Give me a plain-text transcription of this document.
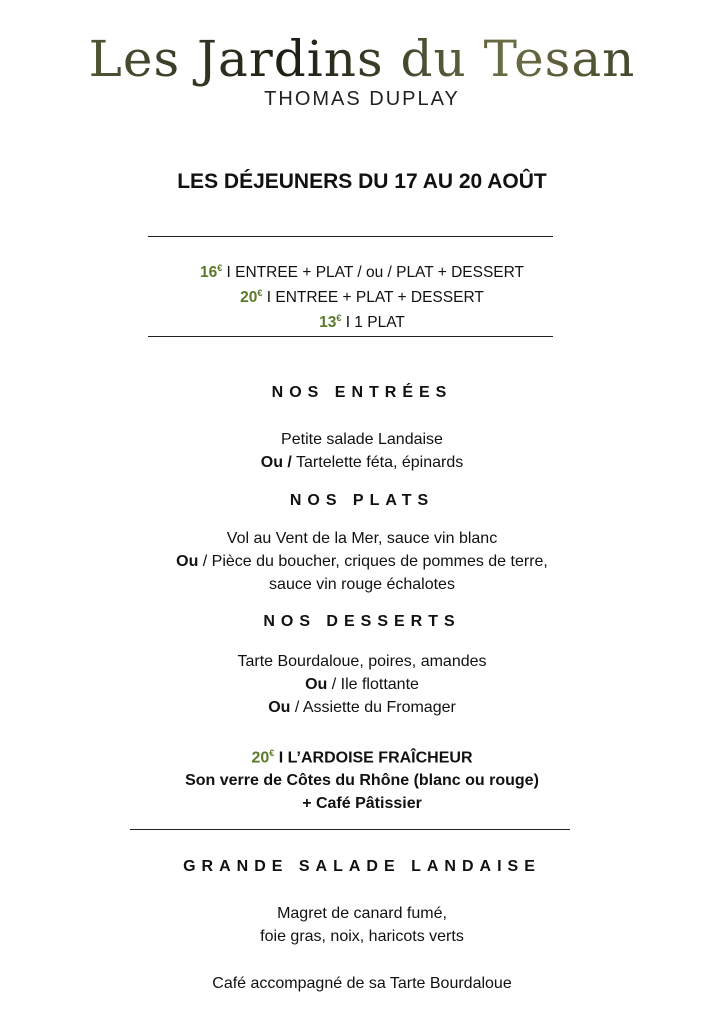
Les Jardins du Tesan
THOMAS DUPLAY
LES DÉJEUNERS DU 17 AU 20 AOÛT
16€ I ENTREE + PLAT / ou / PLAT + DESSERT
20€ I ENTREE + PLAT + DESSERT
13€ I 1 PLAT
NOS ENTRÉES
Petite salade Landaise
Ou / Tartelette féta, épinards
NOS PLATS
Vol au Vent de la Mer, sauce vin blanc
Ou / Pièce du boucher, criques de pommes de terre,
sauce vin rouge échalotes
NOS DESSERTS
Tarte Bourdaloue, poires, amandes
Ou / Ile flottante
Ou / Assiette du Fromager
20€ I L’ARDOISE FRAÎCHEUR
Son verre de Côtes du Rhône (blanc ou rouge)
+ Café Pâtissier
GRANDE SALADE LANDAISE
Magret de canard fumé,
foie gras, noix, haricots verts
Café accompagné de sa Tarte Bourdaloue
